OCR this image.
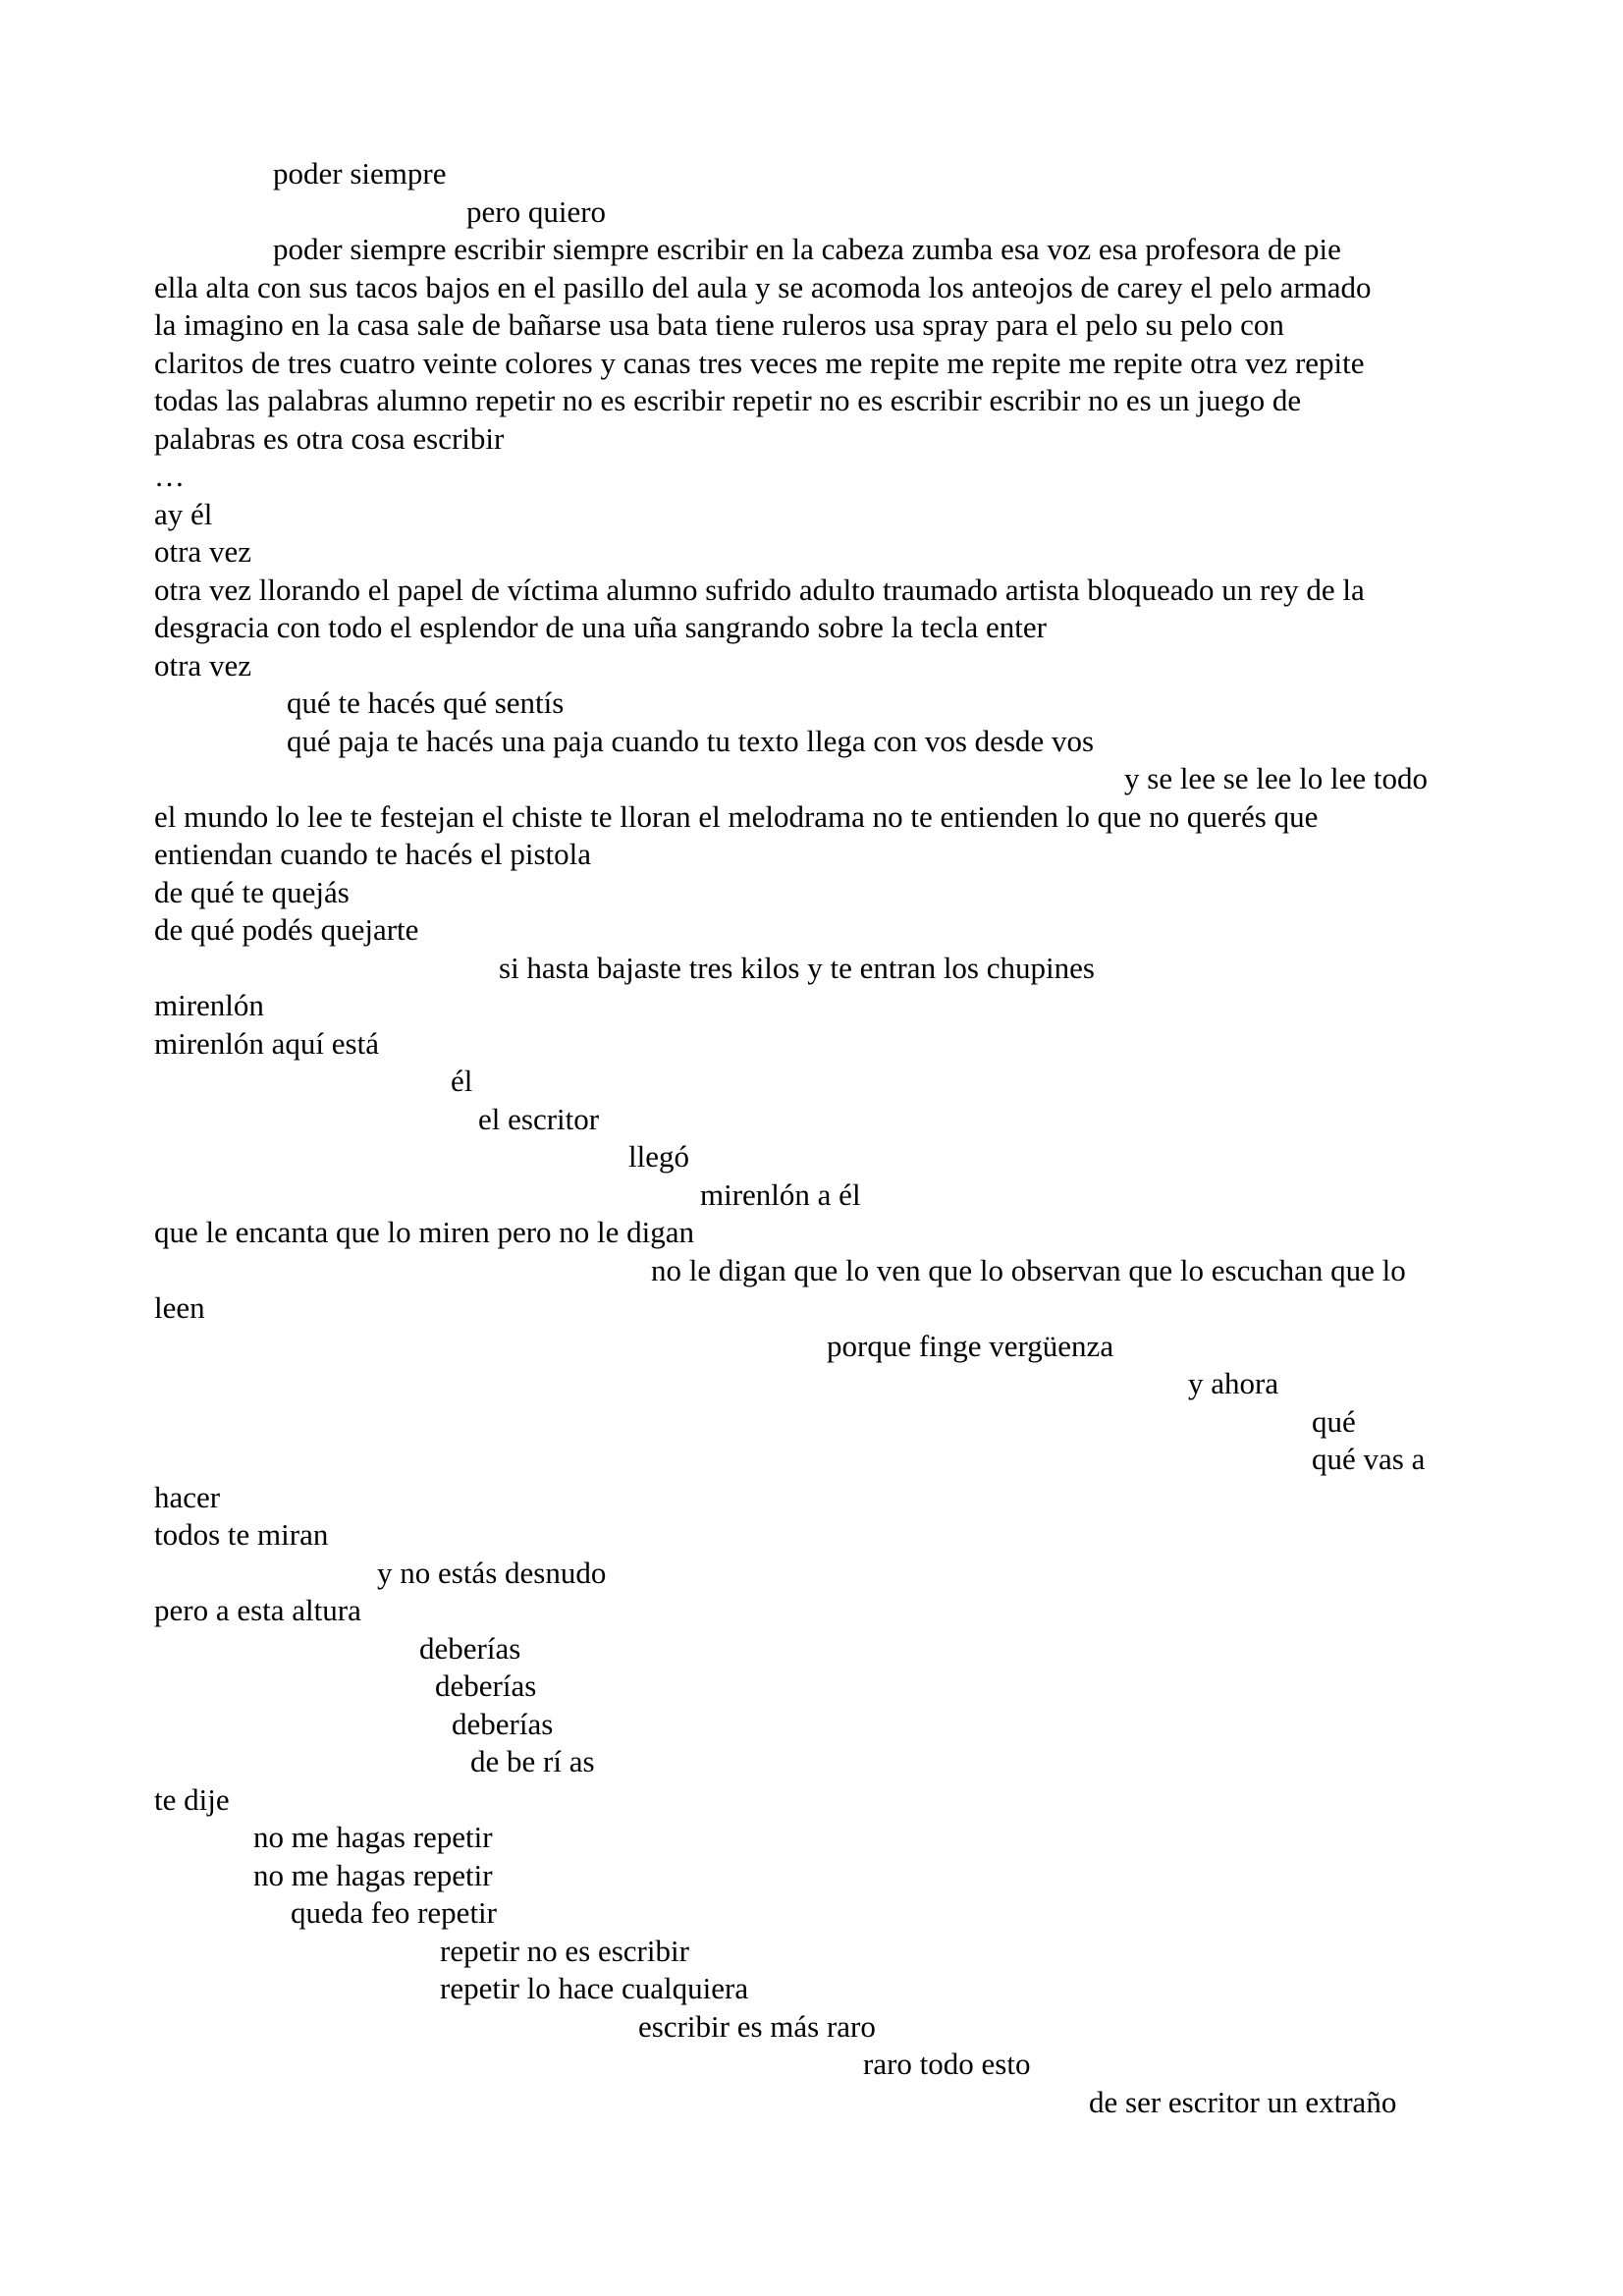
poder siempre
pero quiero
poder siempre escribir siempre escribir en la cabeza zumba esa voz esa profesora de pie
ella alta con sus tacos bajos en el pasillo del aula y se acomoda los anteojos de carey el pelo armado
la imagino en la casa sale de bañarse usa bata tiene ruleros usa spray para el pelo su pelo con
claritos de tres cuatro veinte colores y canas tres veces me repite me repite me repite otra vez repite
todas las palabras alumno repetir no es escribir repetir no es escribir escribir no es un juego de
palabras es otra cosa escribir
…
ay él
otra vez
otra vez llorando el papel de víctima alumno sufrido adulto traumado artista bloqueado un rey de la
desgracia con todo el esplendor de una uña sangrando sobre la tecla enter
otra vez
qué te hacés qué sentís
qué paja te hacés una paja cuando tu texto llega con vos desde vos
y se lee se lee lo lee todo
el mundo lo lee te festejan el chiste te lloran el melodrama no te entienden lo que no querés que
entiendan cuando te hacés el pistola
de qué te quejás
de qué podés quejarte
si hasta bajaste tres kilos y te entran los chupines
mirenlón
mirenlón aquí está
él
el escritor
llegó
mirenlón a él
que le encanta que lo miren pero no le digan
no le digan que lo ven que lo observan que lo escuchan que lo
leen
porque finge vergüenza
y ahora
qué
qué vas a
hacer
todos te miran
y no estás desnudo
pero a esta altura
deberías
deberías
deberías
de be rí as
te dije
no me hagas repetir
no me hagas repetir
queda feo repetir
repetir no es escribir
repetir lo hace cualquiera
escribir es más raro
raro todo esto
de ser escritor un extraño
